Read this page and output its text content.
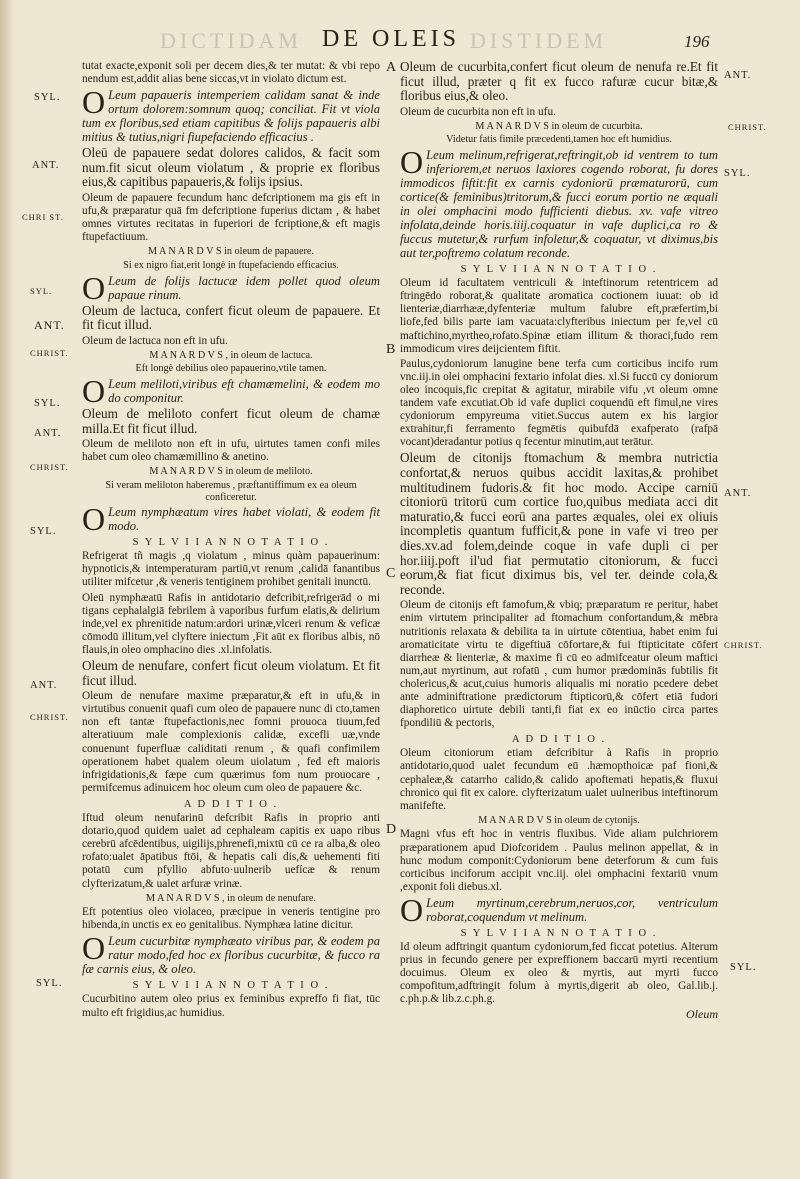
DICTIDAM DE OLEIS DISTIDEM	196
SYL.
ANT.
CHRI ST.
SYL.
ANT.
CHRIST.
SYL.
ANT.
CHRIST.
SYL.
ANT.
CHRIST.
SYL.
ANT.
CHRIST.
SYL.
ANT.
CHRIST.
SYL.
A
B
C
D
tutat exacte,exponit soli per decem dies,& ter mutat: & vbi repo nendum est,addit alias bene siccas,vt in violato dictum est.
O Leum papaueris intemperiem calidam sanat & inde ortum dolorem:somnum quoq; conciliat. Fit vt viola tum ex floribus,sed etiam capitibus & folijs papaueris albi mitius & tutius,nigri fiupefaciendo efficacius .
Oleū de papauere sedat dolores calidos, & facit som num.fit sicut oleum violatum , & proprie ex floribus eius,& capitibus papaueris,& folijs ipsius.
Oleum de papauere fecundum hanc defcriptionem ma gis eft in ufu,& præparatur quā fm defcriptione fuperius dictam , & habet omnes virtutes recitatas in fuperiori de fcriptione,& eft magis ftupefactiuum.
M A N A R D V S in oleum de papauere.
Si ex nigro fiat,erit longè in ftupefaciendo efficacius.
O Leum de folijs lactucæ idem pollet quod oleum papaue rinum.
Oleum de lactuca, confert ficut oleum de papauere. Et fit ficut illud.
Oleum de lactuca non eft in ufu.
M A N A R D V S , in oleum de lactuca.
Eft longè debilius oleo papauerino,vtile tamen.
O Leum meliloti,viribus eft chamæmelini, & eodem mo do componitur.
Oleum de meliloto confert ficut oleum de chamæ milla.Et fit ficut illud.
Oleum de meliloto non eft in ufu, uirtutes tamen confi miles habet cum oleo chamæmillino & anetino.
M A N A R D V S in oleum de meliloto.
Si veram meliloton haberemus , præftantiffimum ex ea oleum conficeretur.
O Leum nymphæatum vires habet violati, & eodem fit modo.
S Y L V I I A N N O T A T I O .
Refrigerat tñ magis ,q violatum , minus quàm papauerinum: hypnoticis,& intemperaturam partiū,vt renum ,calidā fanantibus utiliter mifcetur ,& veneris tentiginem prohibet genitali inunctū.
Oleū nymphæatū Rafis in antidotario defcribit,refrigerād o mi tigans cephalalgiā febrilem à vaporibus furfum elatis,& delirium inde,vel ex phrenitide natum:ardori urinæ,vlceri renum & veficæ cōmodū illitum,vel clyftere iniectum ,Fit aūt ex floribus albis, nō flauis,in oleo omphacino dies .xl.infolatis.
Oleum de nenufare, confert ficut oleum violatum. Et fit ficut illud.
Oleum de nenufare maxime præparatur,& eft in ufu,& in virtutibus conuenit quafi cum oleo de papauere nunc di cto,tamen non eft tantæ ftupefactionis,nec fomni prouoca tiuum,fed alteratiuum male complexionis calidæ, excefli uæ,vnde conuenunt fuperfluæ caliditati renum , & quafi confimilem operationem habet qualem oleum uiolatum , fed eft maioris infrigidationis,& fæpe cum quærimus fom num prouocare , permifcemus adinuicem hoc oleum cum oleo de papauere &c.
A D D I T I O .
Iftud oleum nenufarinū defcribit Rafis in proprio anti dotario,quod quidem ualet ad cephaleam capitis ex uapo ribus cerebrū afcēdentibus, uigilijs,phrenefi,mixtū cū ce ra alba,& oleo rofato:ualet āpatibus ftōi, & hepatis cali dis,& uehementi fiti potatū cum pfyllio abfuto·uulnerib uefícæ & renum clyfterizatum,& ualet arfuræ vrinæ.
M A N A R D V S , in oleum de nenufare.
Eft potentius oleo violaceo, præcipue in veneris tentigine pro hibenda,in unctis ex eo genitalibus. Nymphæa latine dicitur.
O Leum cucurbitæ nymphæato viribus par, & eodem pa ratur modo,fed hoc ex floribus cucurbitæ, & fucco ra fæ carnis eius, & oleo.
S Y L V I I A N N O T A T I O .
Cucurbitino autem oleo prius ex feminibus expreffo fi fiat, tūc multo eft frigidius,ac humidius.
Oleum de cucurbita,confert ficut oleum de nenufa re.Et fit ficut illud, præter q fit ex fucco rafuræ cucur bitæ,& floribus eius,& oleo.
Oleum de cucurbita non eft in ufu.
M A N A R D V S in oleum de cucurbita.
Videtur fatis fimile præcedenti,tamen hoc eft humidius.
O Leum melinum,refrigerat,reftringit,ob id ventrem to tum inferiorem,et neruos laxiores cogendo roborat, fu dores immodicos fiftit:fit ex carnis cydoniorū præmaturorū, cum cortice(& feminibus)tritorum,& fucci eorum portio ne æquali in olei omphacini modo fufficienti diebus. xv. vafe vitreo infolata,deinde horis.iiij.coquatur in vafe duplici,ca ro & fuccus mutetur,& rurfum infoletur,& coquatur, vt diximus,bis aut ter,poftremo colatum reconde.
S Y L V I I A N N O T A T I O .
Oleum id facultatem ventriculi & inteftinorum retentricem ad ftringēdo roborat,& qualitate aromatica coctionem iuuat: ob id lienteriæ,diarrhææ,dyfenteriæ multum falubre eft,præfertim,bi liofe,fed bilis parte iam vacuata:clyfteribus iniectum per fe,vel cū maftichino,myrtheo,rofato.Spinæ etiam illitum & thoraci,fudo rem immodicum vires deijcientem fiftit.
Paulus,cydoniorum lanugine bene terfa cum corticibus incifo rum vnc.iij.in olei omphacini fextario infolat dies. xl.Si fuccū cy doniorum oleo incoquis,fic crepitat & agitatur, mirabile vifu ,vt oleum omne tandem vafe excutiat.Ob id vafe duplici coquendū eft fimul,ne vires cydoniorum empyreuma vitiet.Succus autem ex his largior extrahitur,fi ferramento fegmētis quibufdā exafperato (rafpā vocant)deradantur potius q fecentur minutim,aut terātur.
Oleum de citonijs ftomachum & membra nutrictia confortat,& neruos quibus accidit laxitas,& prohibet multitudinem fudoris.& fit hoc modo. Accipe carniū citoniorū tritorū cum cortice fuo,quibus mediata acci dit maturatio,& fucci eorū ana partes æquales, olei ex oliuis incompletis quantum fufficit,& pone in vafe vi treo per dies.xv.ad folem,deinde coque in vafe dupli ci per hor.iiij.poft il'ud fiat permutatio citoniorum, & fucci eorum,& fiat ficut diximus bis, vel ter. deinde cola,& reconde.
Oleum de citonijs eft famofum,& vbiq; præparatum re peritur, habet enim virtutem principaliter ad ftomachum confortandum,& mēbra nutritionis relaxata & debilita ta in uirtute cōtentiua, habet enim fui aromaticitate virtu te digeftiuā cōfortare,& fui ftipticitate cōfert diarrheæ & lienteriæ, & maxime fi cū eo admifceatur oleum maftici num,aut myrtinum, aut rofatū , cum humor prædominās fubtilis fit cholericus,& acut,cuius humoris aliqualis mi noratio pcedere debet ante adminiftratione prædictorum ftipticorū,& cōfert etiā fudori diaphoretico uirtute debili tanti,fi fiat ex eo inūctio circa partes fpondiliū & pectoris,
A D D I T I O .
Oleum citoniorum etiam defcribitur à Rafis in proprio antidotario,quod ualet fecundum eū .hæmopthoicæ paf fioni,& cephaleæ,& catarrho calido,& calido apoftemati hepatis,& fluxui chronico qui fit ex calore. clyfterizatum ualet uulneribus inteftinorum manifefte.
M A N A R D V S in oleum de cytonijs.
Magni vfus eft hoc in ventris fluxibus. Vide aliam pulchriorem præparationem apud Diofcoridem . Paulus melinon appellat, & in hunc modum componit:Cydoniorum bene deterforum & cum fuis corticibus inciforum accipit vnc.iij. olei omphacini fextariū vnum ,exponit foli diebus.xl.
O Leum myrtinum,cerebrum,neruos,cor, ventriculum roborat,coquendum vt melinum.
S Y L V I I A N N O T A T I O .
Id oleum adftringit quantum cydoniorum,fed ficcat potetius. Alterum prius in fecundo genere per expreffionem baccarū myrti recentium docuimus. Oleum ex oleo & myrtis, aut myrti fucco compofitum,adftringit folum à myrtis,digerit ab oleo, Gal.lib.j. c.ph.p.& lib.z.c.ph.g.
Oleum
